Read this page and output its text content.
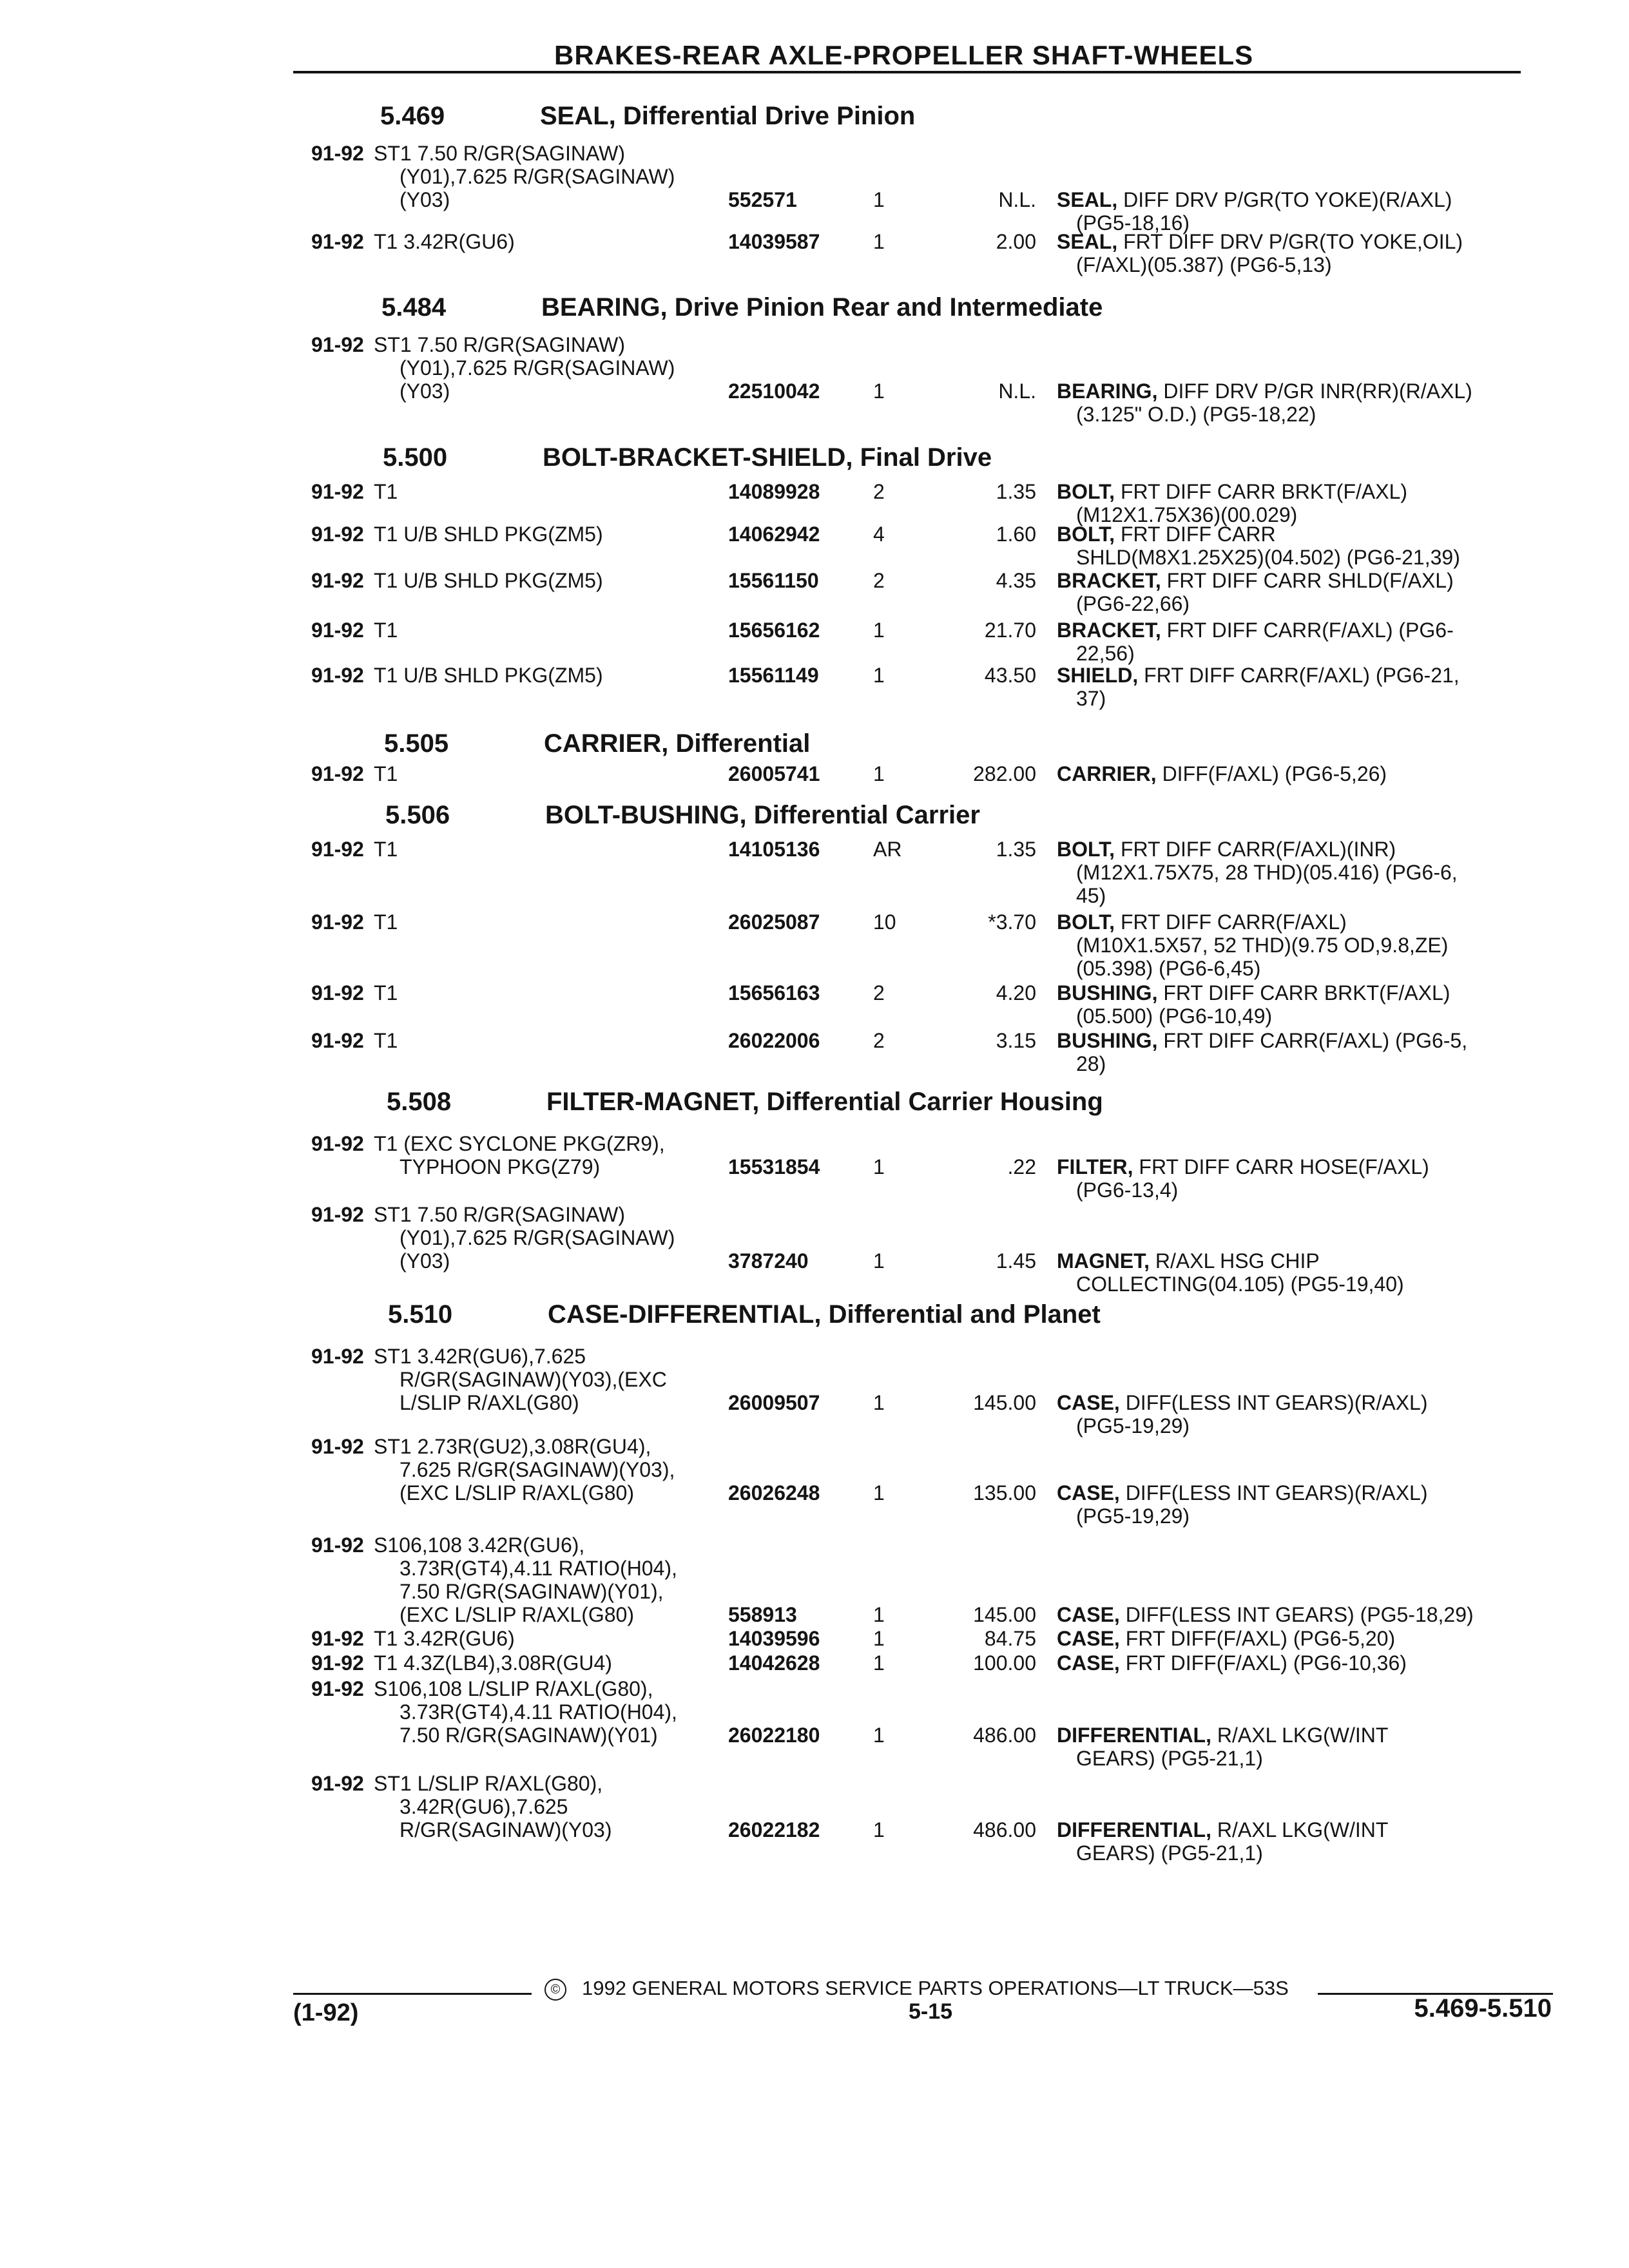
BRAKES-REAR AXLE-PROPELLER SHAFT-WHEELS
5.469	SEAL, Differential Drive Pinion
91-92 ST1 7.50 R/GR(SAGINAW)
(Y01),7.625 R/GR(SAGINAW)
(Y03)	552571	1	N.L. SEAL, DIFF DRV P/GR(TO YOKE)(R/AXL)
(PG5-18,16)
91-92 T1 3.42R(GU6)	14039587	1	2.00 SEAL, FRT DIFF DRV P/GR(TO YOKE,OIL)
(F/AXL)(05.387) (PG6-5,13)
5.484	BEARING, Drive Pinion Rear and Intermediate
91-92 ST1 7.50 R/GR(SAGINAW)
(Y01),7.625 R/GR(SAGINAW)
(Y03)	22510042	1	N.L. BEARING, DIFF DRV P/GR INR(RR)(R/AXL)
(3.125" O.D.) (PG5-18,22)
5.500	BOLT-BRACKET-SHIELD, Final Drive
91-92 T1	14089928	2	1.35 BOLT, FRT DIFF CARR BRKT(F/AXL)
(M12X1.75X36)(00.029)
91-92 T1 U/B SHLD PKG(ZM5)	14062942	4	1.60 BOLT, FRT DIFF CARR
SHLD(M8X1.25X25)(04.502) (PG6-21,39)
91-92 T1 U/B SHLD PKG(ZM5)	15561150	2	4.35 BRACKET, FRT DIFF CARR SHLD(F/AXL)
(PG6-22,66)
91-92 T1	15656162	1	21.70 BRACKET, FRT DIFF CARR(F/AXL) (PG6-
22,56)
91-92 T1 U/B SHLD PKG(ZM5)	15561149	1	43.50 SHIELD, FRT DIFF CARR(F/AXL) (PG6-21,
37)
5.505	CARRIER, Differential
91-92 T1	26005741	1	282.00 CARRIER, DIFF(F/AXL) (PG6-5,26)
5.506	BOLT-BUSHING, Differential Carrier
91-92 T1	14105136	AR	1.35 BOLT, FRT DIFF CARR(F/AXL)(INR)
(M12X1.75X75, 28 THD)(05.416) (PG6-6,
45)
91-92 T1	26025087	10	*3.70 BOLT, FRT DIFF CARR(F/AXL)
(M10X1.5X57, 52 THD)(9.75 OD,9.8,ZE)
(05.398) (PG6-6,45)
91-92 T1	15656163	2	4.20 BUSHING, FRT DIFF CARR BRKT(F/AXL)
(05.500) (PG6-10,49)
91-92 T1	26022006	2	3.15 BUSHING, FRT DIFF CARR(F/AXL) (PG6-5,
28)
5.508	FILTER-MAGNET, Differential Carrier Housing
91-92 T1 (EXC SYCLONE PKG(ZR9),
TYPHOON PKG(Z79)	15531854	1	.22 FILTER, FRT DIFF CARR HOSE(F/AXL)
(PG6-13,4)
91-92 ST1 7.50 R/GR(SAGINAW)
(Y01),7.625 R/GR(SAGINAW)
(Y03)	3787240	1	1.45 MAGNET, R/AXL HSG CHIP
COLLECTING(04.105) (PG5-19,40)
5.510	CASE-DIFFERENTIAL, Differential and Planet
91-92 ST1 3.42R(GU6),7.625
R/GR(SAGINAW)(Y03),(EXC
L/SLIP R/AXL(G80)	26009507	1	145.00 CASE, DIFF(LESS INT GEARS)(R/AXL)
(PG5-19,29)
91-92 ST1 2.73R(GU2),3.08R(GU4),
7.625 R/GR(SAGINAW)(Y03),
(EXC L/SLIP R/AXL(G80)	26026248	1	135.00 CASE, DIFF(LESS INT GEARS)(R/AXL)
(PG5-19,29)
91-92 S106,108 3.42R(GU6),
3.73R(GT4),4.11 RATIO(H04),
7.50 R/GR(SAGINAW)(Y01),
(EXC L/SLIP R/AXL(G80)	558913	1	145.00 CASE, DIFF(LESS INT GEARS) (PG5-18,29)
91-92 T1 3.42R(GU6)	14039596	1	84.75 CASE, FRT DIFF(F/AXL) (PG6-5,20)
91-92 T1 4.3Z(LB4),3.08R(GU4)	14042628	1	100.00 CASE, FRT DIFF(F/AXL) (PG6-10,36)
91-92 S106,108 L/SLIP R/AXL(G80),
3.73R(GT4),4.11 RATIO(H04),
7.50 R/GR(SAGINAW)(Y01)	26022180	1	486.00 DIFFERENTIAL, R/AXL LKG(W/INT
GEARS) (PG5-21,1)
91-92 ST1 L/SLIP R/AXL(G80),
3.42R(GU6),7.625
R/GR(SAGINAW)(Y03)	26022182	1	486.00 DIFFERENTIAL, R/AXL LKG(W/INT
GEARS) (PG5-21,1)
© 1992 GENERAL MOTORS SERVICE PARTS OPERATIONS—LT TRUCK—53S
(1-92)	5-15	5.469-5.510
